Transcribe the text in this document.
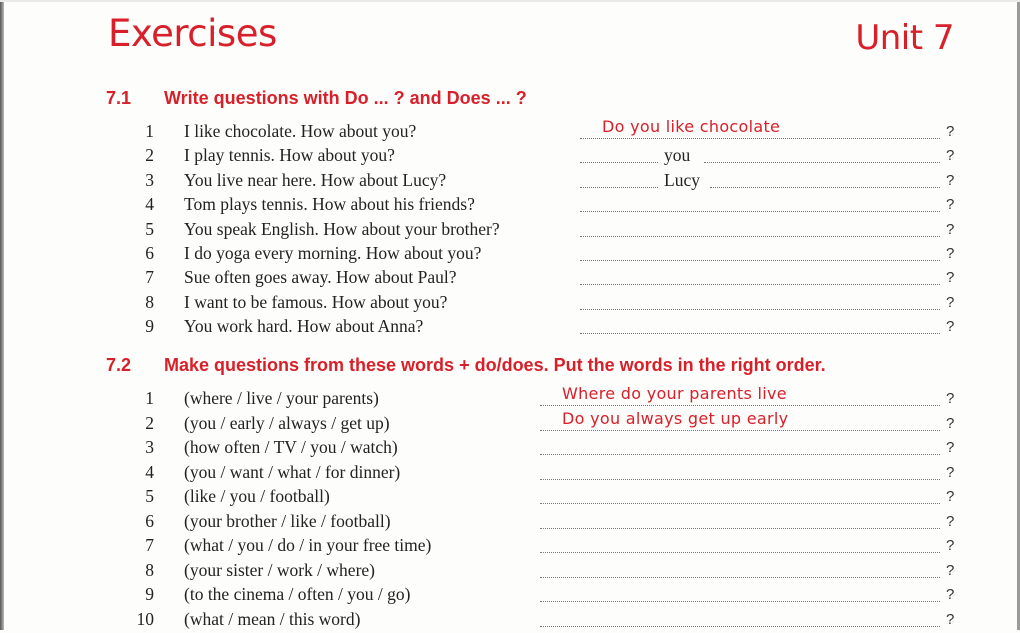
Exercises	Unit 7
7.1 Write questions with Do ... ? and Does ... ?
1 I like chocolate. How about you?	Do you like chocolate	?
2 I play tennis. How about you?	you	?
3 You live near here. How about Lucy?	Lucy	?
4 Tom plays tennis. How about his friends?	?
5 You speak English. How about your brother?	?
6 I do yoga every morning. How about you?	?
7 Sue often goes away. How about Paul?	?
8 I want to be famous. How about you?	?
9 You work hard. How about Anna?	?
7.2 Make questions from these words + do/does. Put the words in the right order.
1 (where / live / your parents)	Where do your parents live	?
2 (you / early / always / get up)	Do you always get up early	?
3 (how often / TV / you / watch)	?
4 (you / want / what / for dinner)	?
5 (like / you / football)	?
6 (your brother / like / football)	?
7 (what / you / do / in your free time)	?
8 (your sister / work / where)	?
9 (to the cinema / often / you / go)	?
10 (what / mean / this word)	?
